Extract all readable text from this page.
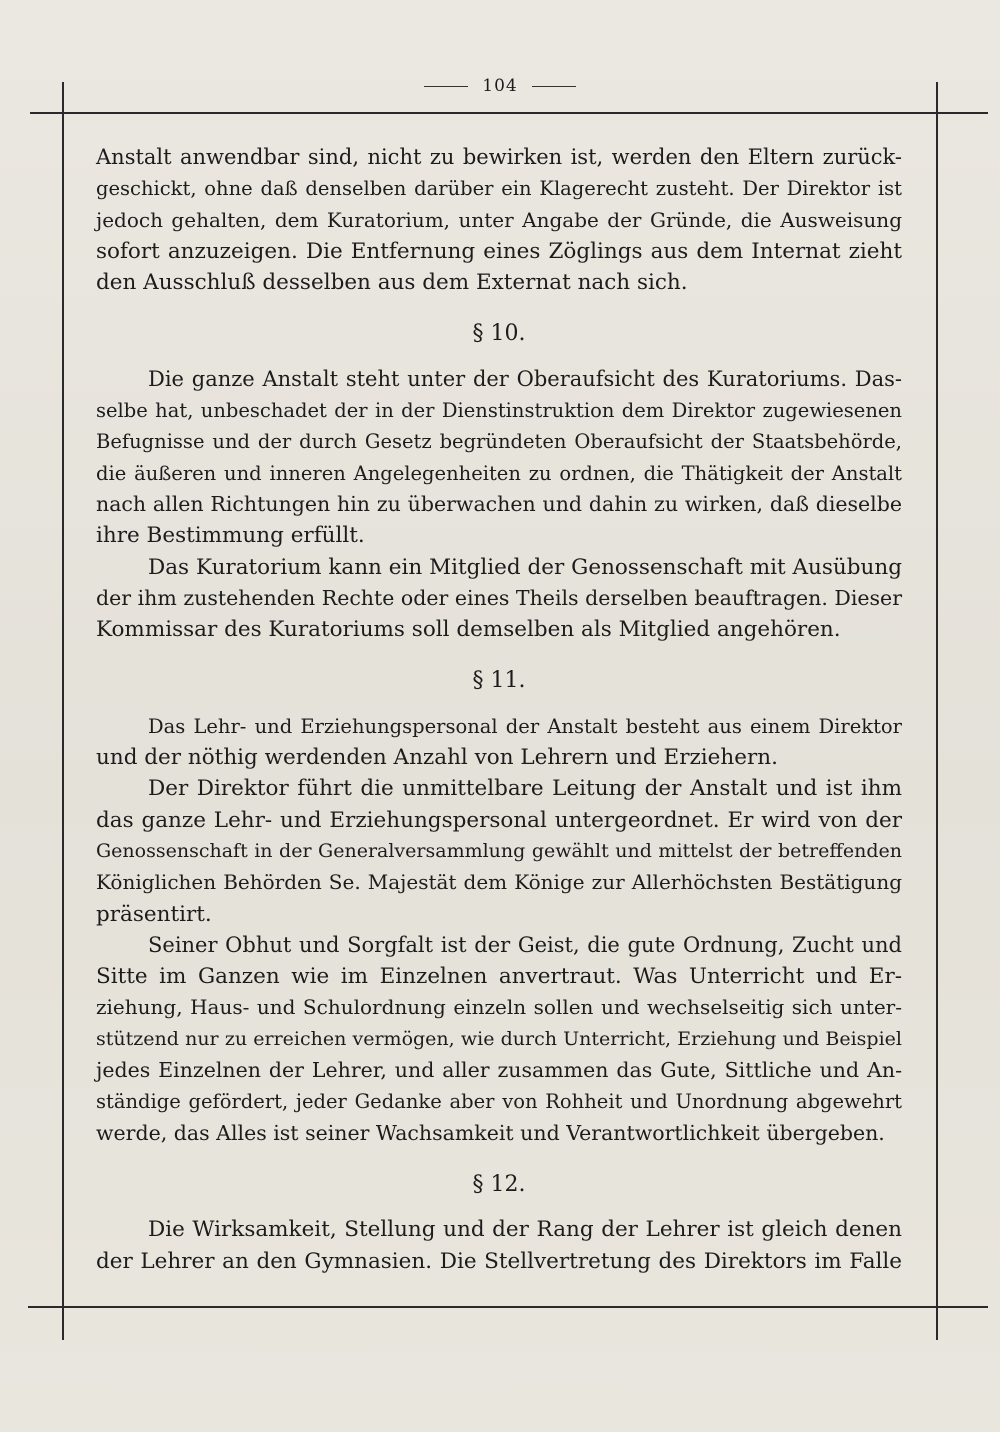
104
Anstalt anwendbar sind, nicht zu bewirken ist, werden den Eltern zurück-
geschickt, ohne daß denselben darüber ein Klagerecht zusteht. Der Direktor ist
jedoch gehalten, dem Kuratorium, unter Angabe der Gründe, die Ausweisung
sofort anzuzeigen. Die Entfernung eines Zöglings aus dem Internat zieht
den Ausschluß desselben aus dem Externat nach sich.
§ 10.
Die ganze Anstalt steht unter der Oberaufsicht des Kuratoriums. Das-
selbe hat, unbeschadet der in der Dienstinstruktion dem Direktor zugewiesenen
Befugnisse und der durch Gesetz begründeten Oberaufsicht der Staatsbehörde,
die äußeren und inneren Angelegenheiten zu ordnen, die Thätigkeit der Anstalt
nach allen Richtungen hin zu überwachen und dahin zu wirken, daß dieselbe
ihre Bestimmung erfüllt.
Das Kuratorium kann ein Mitglied der Genossenschaft mit Ausübung
der ihm zustehenden Rechte oder eines Theils derselben beauftragen. Dieser
Kommissar des Kuratoriums soll demselben als Mitglied angehören.
§ 11.
Das Lehr- und Erziehungspersonal der Anstalt besteht aus einem Direktor
und der nöthig werdenden Anzahl von Lehrern und Erziehern.
Der Direktor führt die unmittelbare Leitung der Anstalt und ist ihm
das ganze Lehr- und Erziehungspersonal untergeordnet. Er wird von der
Genossenschaft in der Generalversammlung gewählt und mittelst der betreffenden
Königlichen Behörden Se. Majestät dem Könige zur Allerhöchsten Bestätigung
präsentirt.
Seiner Obhut und Sorgfalt ist der Geist, die gute Ordnung, Zucht und
Sitte im Ganzen wie im Einzelnen anvertraut. Was Unterricht und Er-
ziehung, Haus- und Schulordnung einzeln sollen und wechselseitig sich unter-
stützend nur zu erreichen vermögen, wie durch Unterricht, Erziehung und Beispiel
jedes Einzelnen der Lehrer, und aller zusammen das Gute, Sittliche und An-
ständige gefördert, jeder Gedanke aber von Rohheit und Unordnung abgewehrt
werde, das Alles ist seiner Wachsamkeit und Verantwortlichkeit übergeben.
§ 12.
Die Wirksamkeit, Stellung und der Rang der Lehrer ist gleich denen
der Lehrer an den Gymnasien. Die Stellvertretung des Direktors im Falle
